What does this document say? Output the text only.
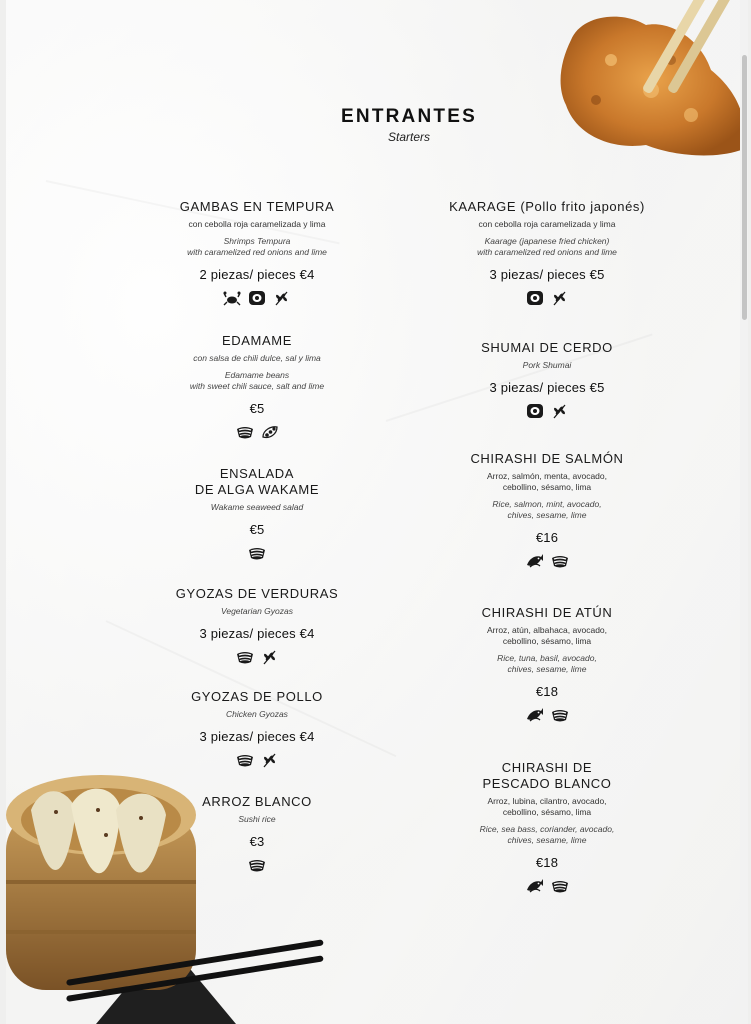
ENTRANTES
Starters
GAMBAS EN TEMPURA
con cebolla roja caramelizada y lima
Shrimps Tempura
with caramelized red onions and lime
2 piezas/ pieces €4
EDAMAME
con salsa de chili dulce, sal y lima
Edamame beans
with sweet chili sauce, salt and lime
€5
ENSALADA
DE ALGA WAKAME
Wakame seaweed salad
€5
GYOZAS DE VERDURAS
Vegetarian Gyozas
3 piezas/ pieces €4
GYOZAS DE POLLO
Chicken Gyozas
3 piezas/ pieces €4
ARROZ BLANCO
Sushi rice
€3
KAARAGE (Pollo frito japonés)
con cebolla roja caramelizada y lima
Kaarage (japanese fried chicken)
with caramelized red onions and lime
3 piezas/ pieces €5
SHUMAI DE CERDO
Pork Shumai
3 piezas/ pieces €5
CHIRASHI DE SALMÓN
Arroz, salmón, menta, avocado,
cebollino, sésamo, lima
Rice, salmon, mint, avocado,
chives, sesame, lime
€16
CHIRASHI DE ATÚN
Arroz, atún, albahaca, avocado,
cebollino, sésamo, lima
Rice, tuna, basil, avocado,
chives, sesame, lime
€18
CHIRASHI DE
PESCADO BLANCO
Arroz, lubina, cilantro, avocado,
cebollino, sésamo, lima
Rice, sea bass, coriander, avocado,
chives, sesame, lime
€18
